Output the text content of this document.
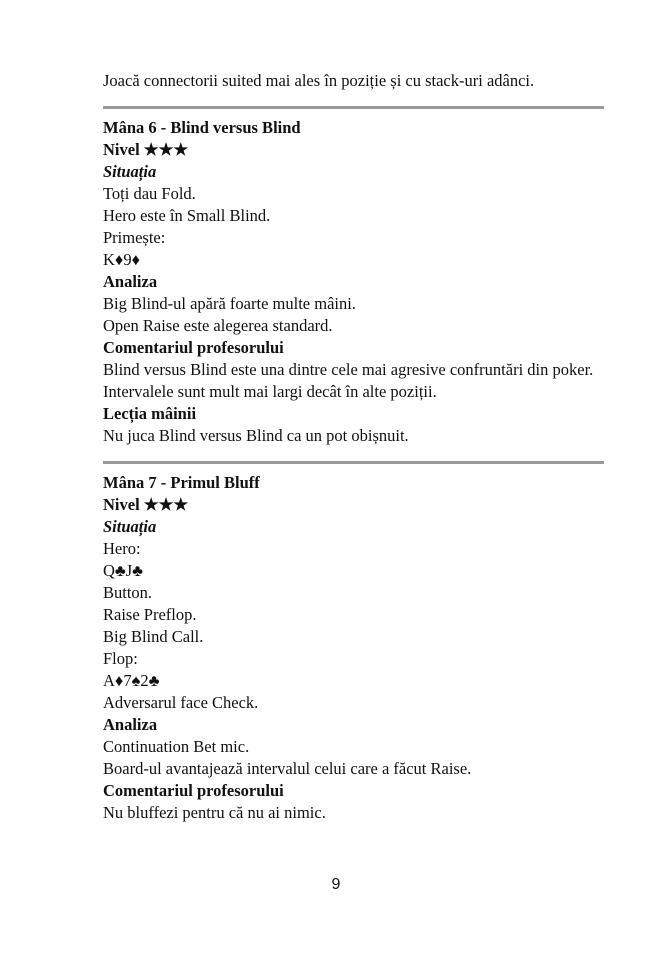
Joacă connectorii suited mai ales în poziție și cu stack-uri adânci.
Mâna 6 - Blind versus Blind
Nivel ★★★
Situația
Toți dau Fold.
Hero este în Small Blind.
Primește:
K♦9♦
Analiza
Big Blind-ul apără foarte multe mâini.
Open Raise este alegerea standard.
Comentariul profesorului
Blind versus Blind este una dintre cele mai agresive confruntări din poker.
Intervalele sunt mult mai largi decât în alte poziții.
Lecția mâinii
Nu juca Blind versus Blind ca un pot obișnuit.
Mâna 7 - Primul Bluff
Nivel ★★★
Situația
Hero:
Q♣J♣
Button.
Raise Preflop.
Big Blind Call.
Flop:
A♦7♠2♣
Adversarul face Check.
Analiza
Continuation Bet mic.
Board-ul avantajează intervalul celui care a făcut Raise.
Comentariul profesorului
Nu bluffezi pentru că nu ai nimic.
9
